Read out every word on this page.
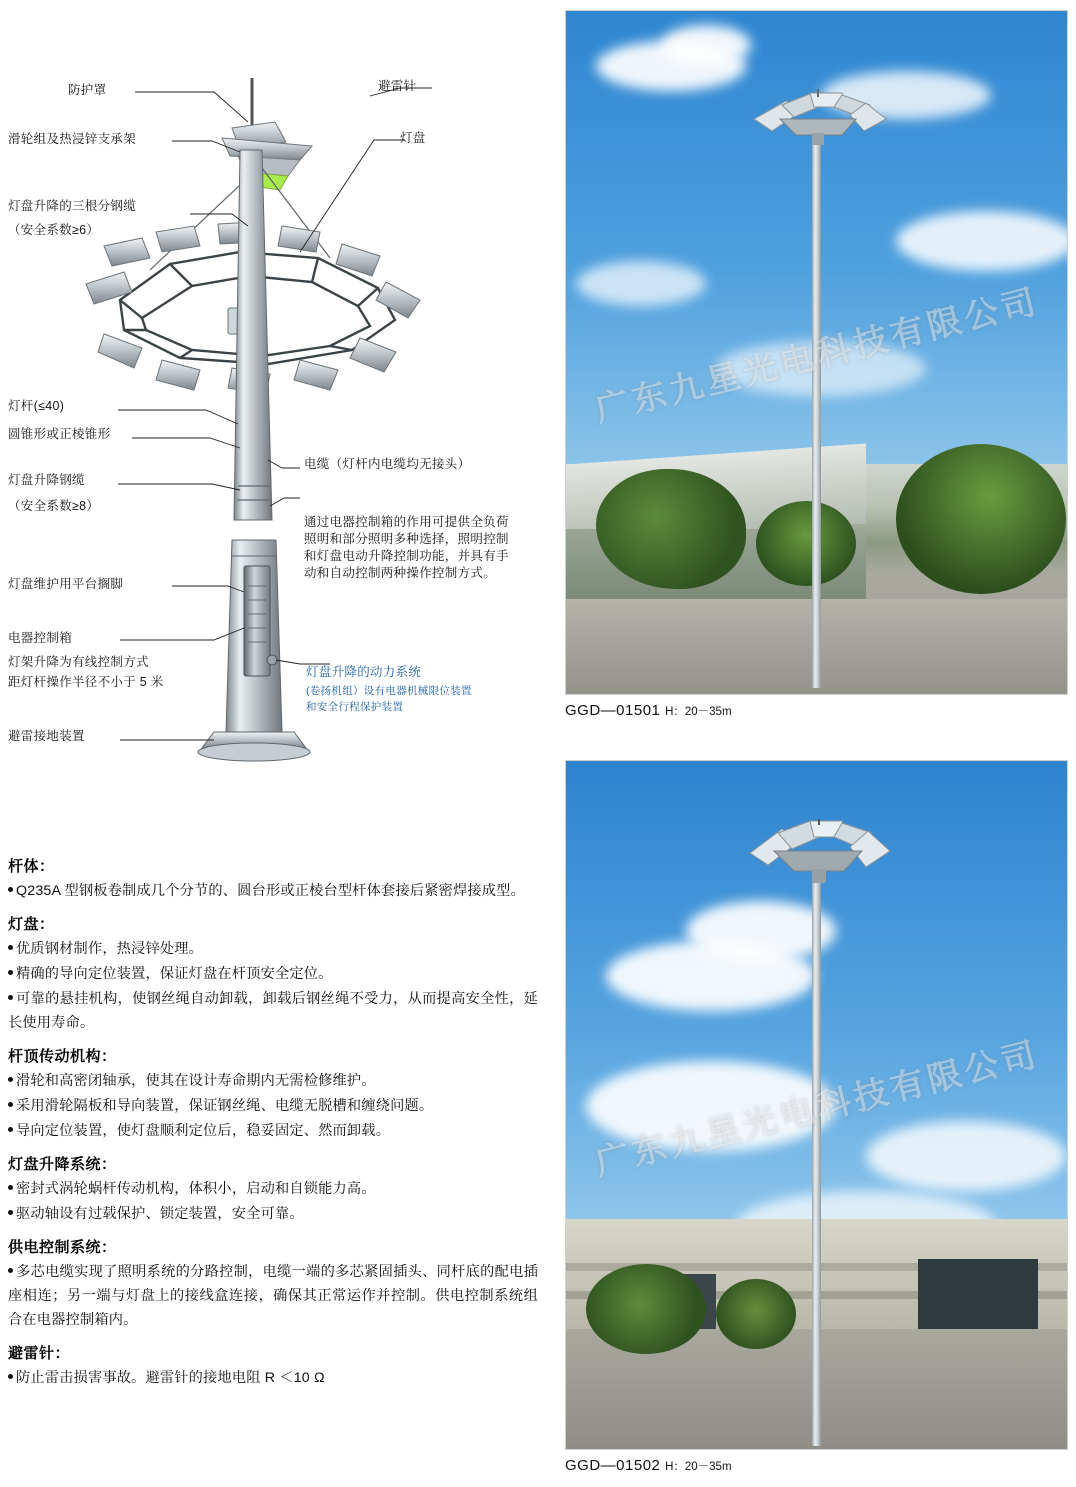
防护罩	避雷针
滑轮组及热浸锌支承架	灯盘
灯盘升降的三根分钢缆
（安全系数≥6）
灯杆(≤40)
圆锥形或正棱锥形
灯盘升降钢缆
（安全系数≥8）
电缆（灯杆内电缆均无接头）
通过电器控制箱的作用可提供全负荷照明和部分照明多种选择，照明控制和灯盘电动升降控制功能，并具有手动和自动控制两种操作控制方式。
灯盘维护用平台搁脚
电器控制箱
灯架升降为有线控制方式
距灯杆操作半径不小于 5 米
灯盘升降的动力系统
(卷扬机组）设有电器机械限位装置
和安全行程保护装置
避雷接地装置
杆体：

Q235A 型钢板卷制成几个分节的、圆台形或正棱台型杆体套接后紧密焊接成型。

灯盘：

优质钢材制作，热浸锌处理。

精确的导向定位装置，保证灯盘在杆顶安全定位。

可靠的悬挂机构，使钢丝绳自动卸载，卸载后钢丝绳不受力，从而提高安全性，延长使用寿命。

杆顶传动机构：

滑轮和高密闭轴承，使其在设计寿命期内无需检修维护。

采用滑轮隔板和导向装置，保证钢丝绳、电缆无脱槽和缠绕问题。

导向定位装置，使灯盘顺利定位后，稳妥固定、然而卸载。

灯盘升降系统：

密封式涡轮蜗杆传动机构，体积小，启动和自锁能力高。

驱动轴设有过载保护、锁定装置，安全可靠。

供电控制系统：

多芯电缆实现了照明系统的分路控制，电缆一端的多芯紧固插头、同杆底的配电插座相连；另一端与灯盘上的接线盒连接，确保其正常运作并控制。供电控制系统组合在电器控制箱内。

避雷针：

防止雷击损害事故。避雷针的接地电阻 R ＜10 Ω

广东九星光电科技有限公司
GGD—01501 H：20－35m
广东九星光电科技有限公司
GGD—01502 H：20－35m
